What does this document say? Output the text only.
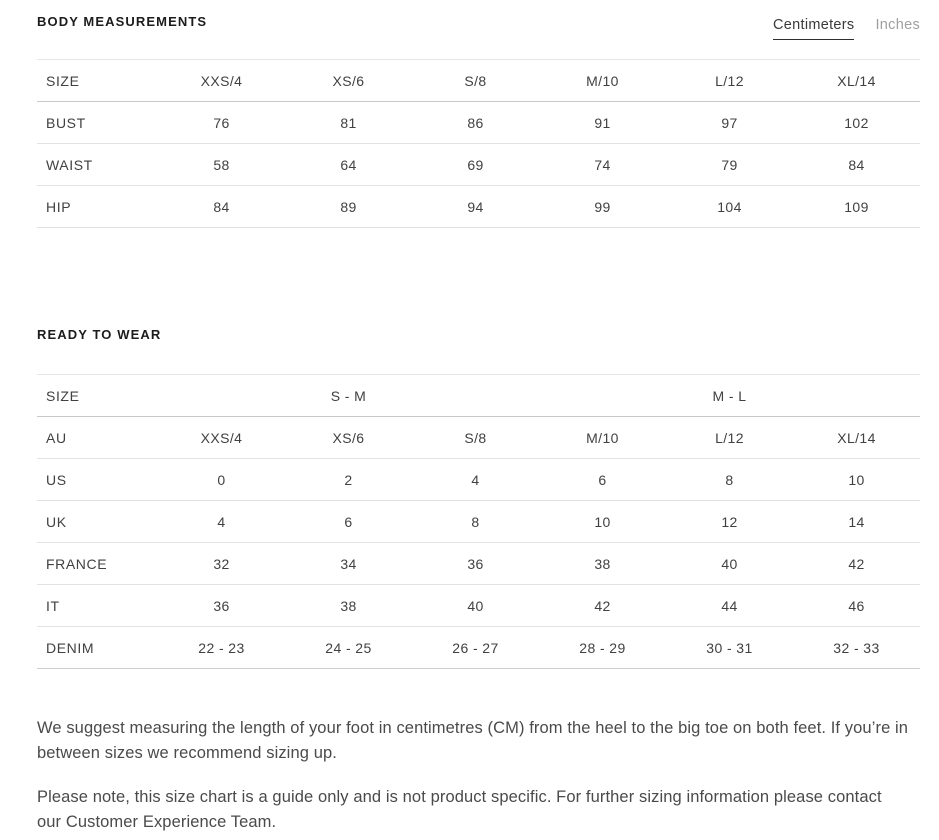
BODY MEASUREMENTS	Centimeters Inches
SIZE	XXS/4	XS/6	S/8	M/10	L/12	XL/14
BUST	76	81	86	91	97	102
WAIST	58	64	69	74	79	84
HIP	84	89	94	99	104	109
READY TO WEAR
SIZE	S - M	M - L
AU	XXS/4	XS/6	S/8	M/10	L/12	XL/14
US	0	2	4	6	8	10
UK	4	6	8	10	12	14
FRANCE	32	34	36	38	40	42
IT	36	38	40	42	44	46
DENIM	22 - 23	24 - 25	26 - 27	28 - 29	30 - 31	32 - 33

We suggest measuring the length of your foot in centimetres (CM) from the heel to the big toe on both feet. If you’re in between sizes we recommend sizing up.

Please note, this size chart is a guide only and is not product specific. For further sizing information please contact our Customer Experience Team.
